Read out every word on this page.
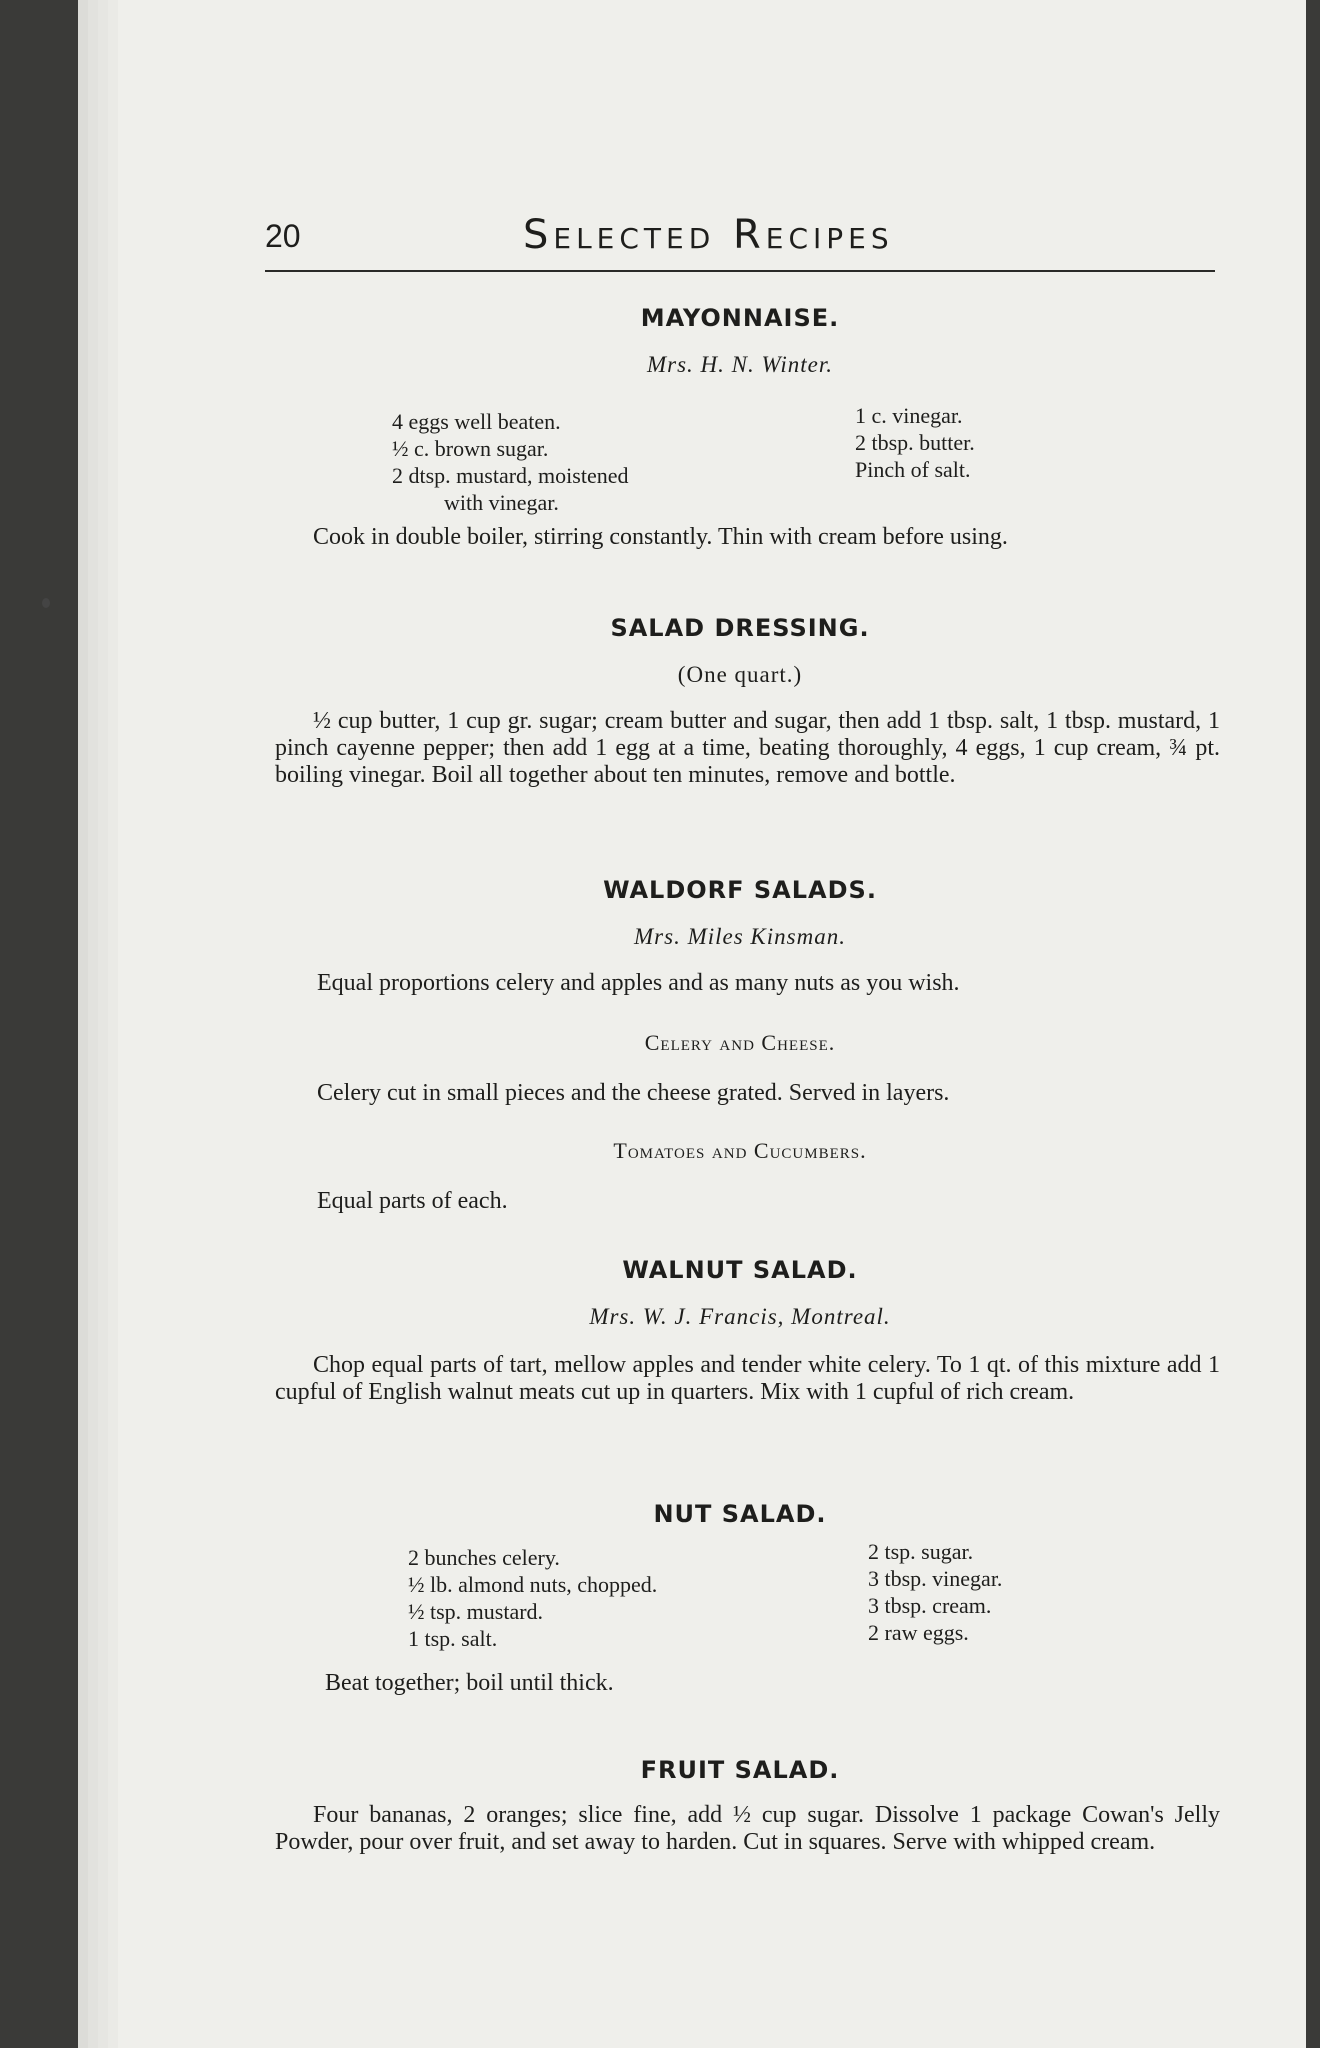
20	Selected Recipes
MAYONNAISE.
Mrs. H. N. Winter.
4 eggs well beaten.
½ c. brown sugar.
2 dtsp. mustard, moistened
with vinegar.
1 c. vinegar.
2 tbsp. butter.
Pinch of salt.
Cook in double boiler, stirring constantly. Thin with cream before using.
SALAD DRESSING.
(One quart.)
½ cup butter, 1 cup gr. sugar; cream butter and sugar, then add 1 tbsp. salt, 1 tbsp. mustard, 1 pinch cayenne pepper; then add 1 egg at a time, beating thoroughly, 4 eggs, 1 cup cream, ¾ pt. boiling vinegar. Boil all together about ten minutes, remove and bottle.
WALDORF SALADS.
Mrs. Miles Kinsman.
Equal proportions celery and apples and as many nuts as you wish.
Celery and Cheese.
Celery cut in small pieces and the cheese grated. Served in layers.
Tomatoes and Cucumbers.
Equal parts of each.
WALNUT SALAD.
Mrs. W. J. Francis, Montreal.
Chop equal parts of tart, mellow apples and tender white celery. To 1 qt. of this mixture add 1 cupful of English walnut meats cut up in quarters. Mix with 1 cupful of rich cream.
NUT SALAD.
2 bunches celery.
½ lb. almond nuts, chopped.
½ tsp. mustard.
1 tsp. salt.
2 tsp. sugar.
3 tbsp. vinegar.
3 tbsp. cream.
2 raw eggs.
Beat together; boil until thick.
FRUIT SALAD.
Four bananas, 2 oranges; slice fine, add ½ cup sugar. Dissolve 1 package Cowan's Jelly Powder, pour over fruit, and set away to harden. Cut in squares. Serve with whipped cream.
